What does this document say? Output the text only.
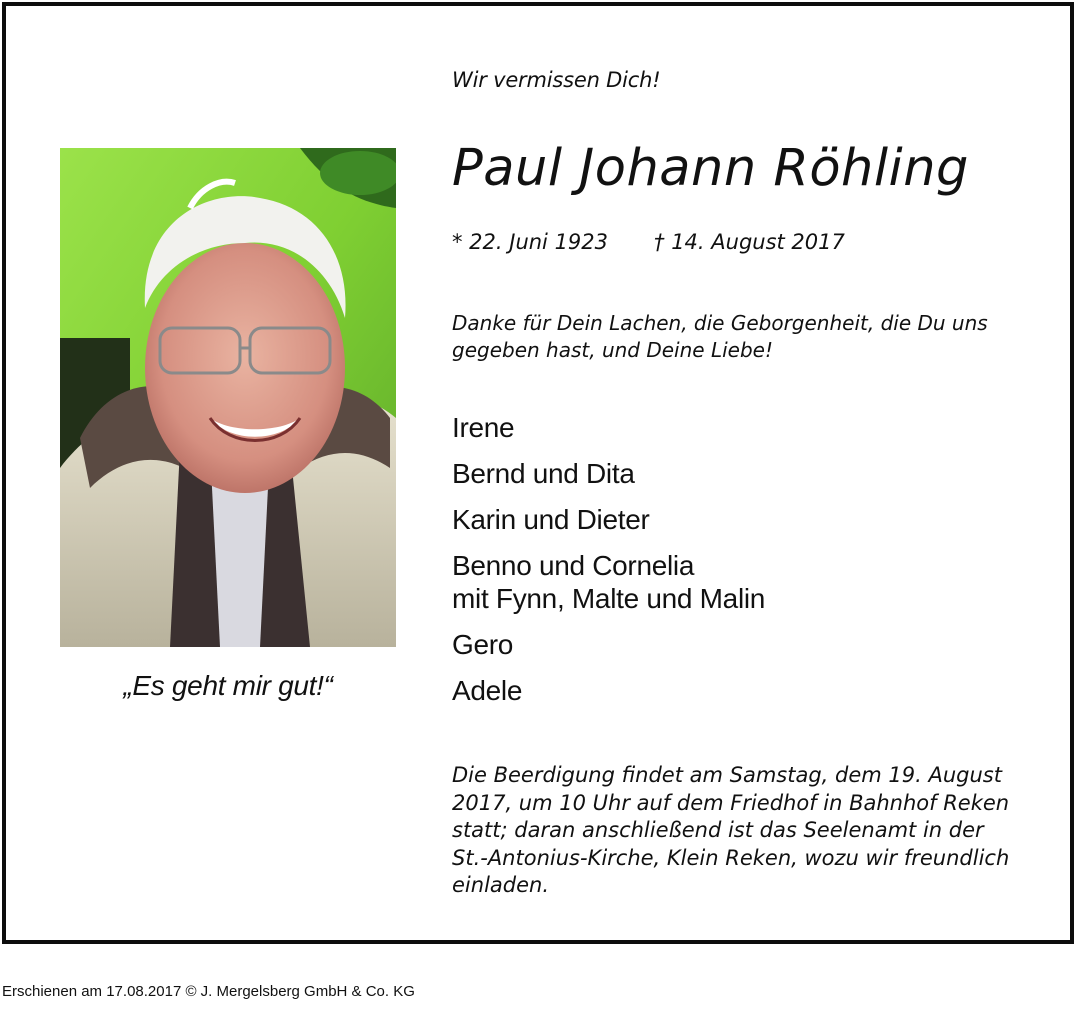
„Es geht mir gut!“
Wir vermissen Dich!
Paul Johann Röhling
* 22. Juni 1923 † 14. August 2017
Danke für Dein Lachen, die Geborgenheit, die Du uns
gegeben hast, und Deine Liebe!
Irene
Bernd und Dita
Karin und Dieter
Benno und Cornelia
mit Fynn, Malte und Malin
Gero
Adele
Die Beerdigung findet am Samstag, dem 19. August
2017, um 10 Uhr auf dem Friedhof in Bahnhof Reken
statt; daran anschließend ist das Seelenamt in der
St.-Antonius-Kirche, Klein Reken, wozu wir freundlich
einladen.
Erschienen am 17.08.2017 © J. Mergelsberg GmbH & Co. KG
